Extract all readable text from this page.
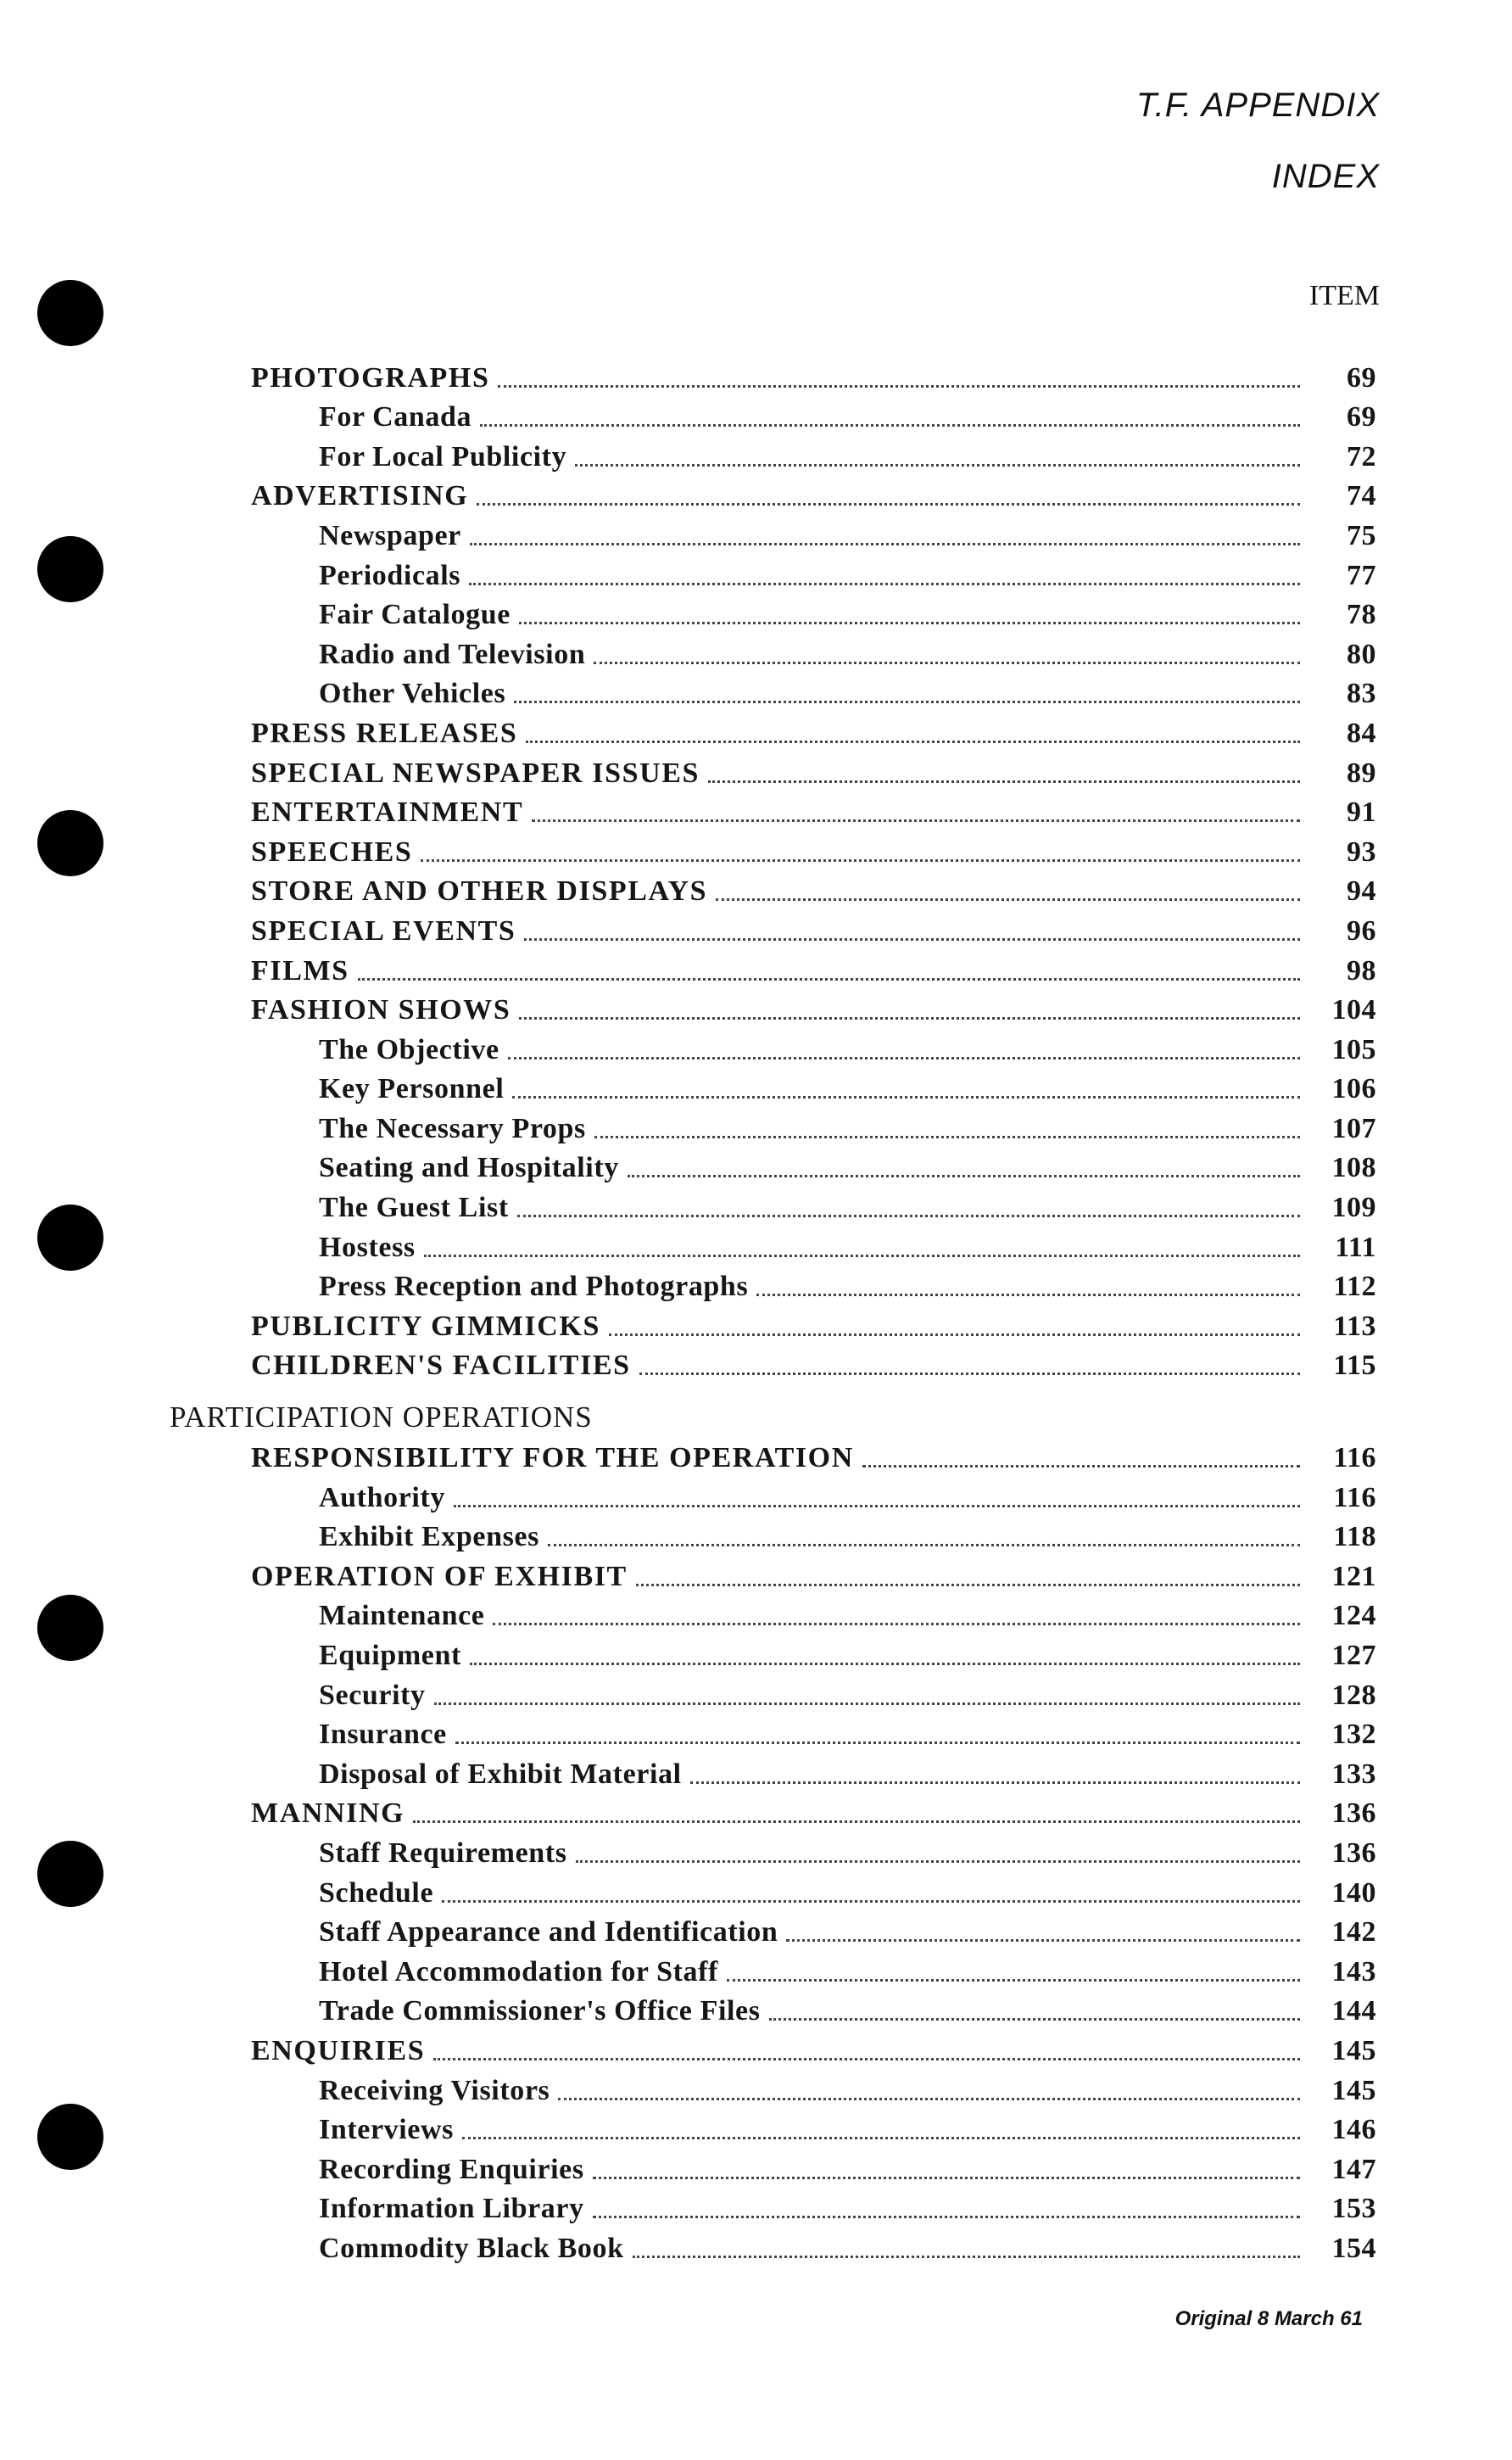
T.F. APPENDIX
INDEX
ITEM
PHOTOGRAPHS	69
For Canada	69
For Local Publicity	72
ADVERTISING	74
Newspaper	75
Periodicals	77
Fair Catalogue	78
Radio and Television	80
Other Vehicles	83
PRESS RELEASES	84
SPECIAL NEWSPAPER ISSUES	89
ENTERTAINMENT	91
SPEECHES	93
STORE AND OTHER DISPLAYS	94
SPECIAL EVENTS	96
FILMS	98
FASHION SHOWS	104
The Objective	105
Key Personnel	106
The Necessary Props	107
Seating and Hospitality	108
The Guest List	109
Hostess	111
Press Reception and Photographs	112
PUBLICITY GIMMICKS	113
CHILDREN'S FACILITIES	115
PARTICIPATION OPERATIONS
RESPONSIBILITY FOR THE OPERATION	116
Authority	116
Exhibit Expenses	118
OPERATION OF EXHIBIT	121
Maintenance	124
Equipment	127
Security	128
Insurance	132
Disposal of Exhibit Material	133
MANNING	136
Staff Requirements	136
Schedule	140
Staff Appearance and Identification	142
Hotel Accommodation for Staff	143
Trade Commissioner's Office Files	144
ENQUIRIES	145
Receiving Visitors	145
Interviews	146
Recording Enquiries	147
Information Library	153
Commodity Black Book	154
Original 8 March 61
